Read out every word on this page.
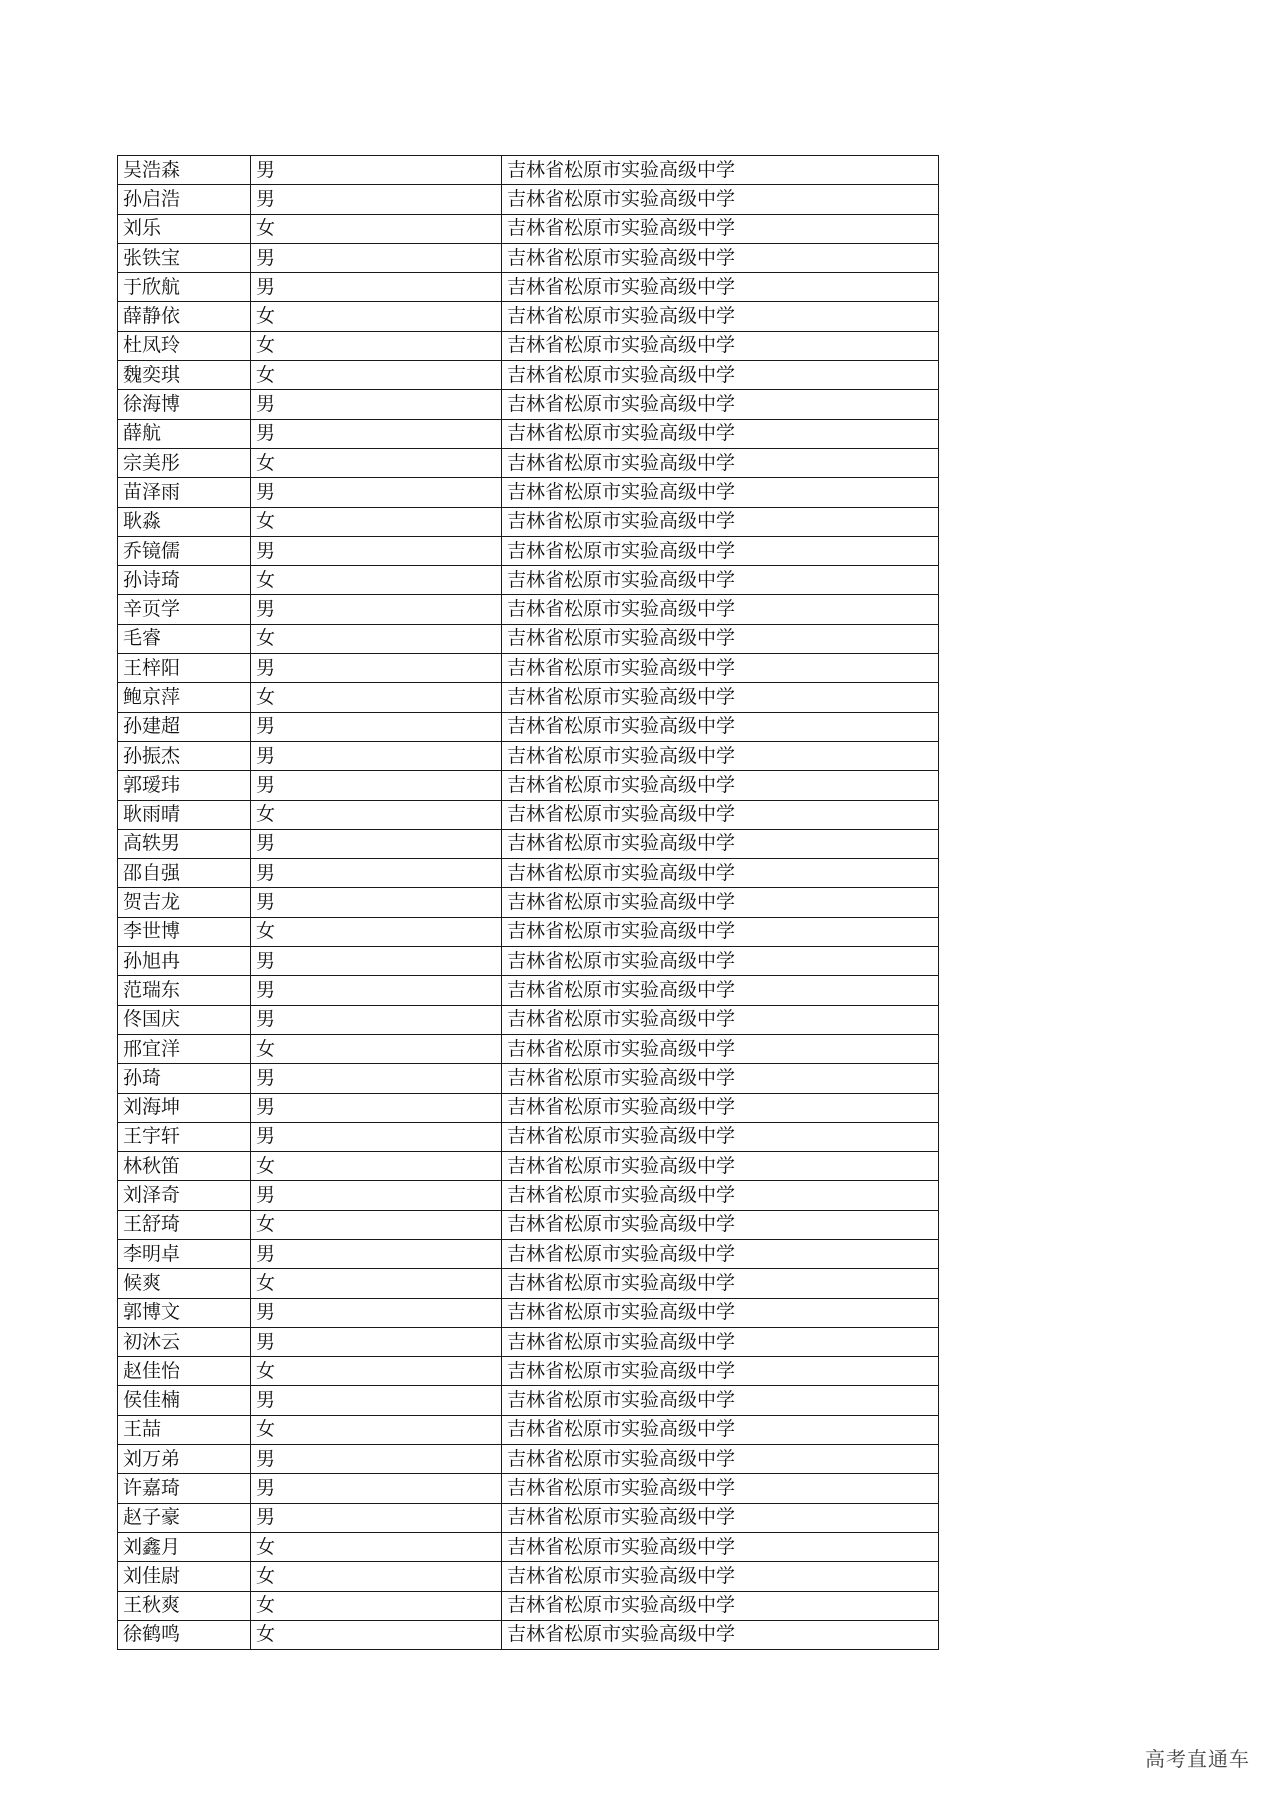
吴浩森	男	吉林省松原市实验高级中学
孙启浩	男	吉林省松原市实验高级中学
刘乐	女	吉林省松原市实验高级中学
张铁宝	男	吉林省松原市实验高级中学
于欣航	男	吉林省松原市实验高级中学
薛静依	女	吉林省松原市实验高级中学
杜凤玲	女	吉林省松原市实验高级中学
魏奕琪	女	吉林省松原市实验高级中学
徐海博	男	吉林省松原市实验高级中学
薛航	男	吉林省松原市实验高级中学
宗美彤	女	吉林省松原市实验高级中学
苗泽雨	男	吉林省松原市实验高级中学
耿淼	女	吉林省松原市实验高级中学
乔镜儒	男	吉林省松原市实验高级中学
孙诗琦	女	吉林省松原市实验高级中学
辛页学	男	吉林省松原市实验高级中学
毛睿	女	吉林省松原市实验高级中学
王梓阳	男	吉林省松原市实验高级中学
鲍京萍	女	吉林省松原市实验高级中学
孙建超	男	吉林省松原市实验高级中学
孙振杰	男	吉林省松原市实验高级中学
郭瑷玮	男	吉林省松原市实验高级中学
耿雨晴	女	吉林省松原市实验高级中学
高轶男	男	吉林省松原市实验高级中学
邵自强	男	吉林省松原市实验高级中学
贺吉龙	男	吉林省松原市实验高级中学
李世博	女	吉林省松原市实验高级中学
孙旭冉	男	吉林省松原市实验高级中学
范瑞东	男	吉林省松原市实验高级中学
佟国庆	男	吉林省松原市实验高级中学
邢宜洋	女	吉林省松原市实验高级中学
孙琦	男	吉林省松原市实验高级中学
刘海坤	男	吉林省松原市实验高级中学
王宇轩	男	吉林省松原市实验高级中学
林秋笛	女	吉林省松原市实验高级中学
刘泽奇	男	吉林省松原市实验高级中学
王舒琦	女	吉林省松原市实验高级中学
李明卓	男	吉林省松原市实验高级中学
候爽	女	吉林省松原市实验高级中学
郭博文	男	吉林省松原市实验高级中学
初沐云	男	吉林省松原市实验高级中学
赵佳怡	女	吉林省松原市实验高级中学
侯佳楠	男	吉林省松原市实验高级中学
王喆	女	吉林省松原市实验高级中学
刘万弟	男	吉林省松原市实验高级中学
许嘉琦	男	吉林省松原市实验高级中学
赵子豪	男	吉林省松原市实验高级中学
刘鑫月	女	吉林省松原市实验高级中学
刘佳尉	女	吉林省松原市实验高级中学
王秋爽	女	吉林省松原市实验高级中学
徐鹤鸣	女	吉林省松原市实验高级中学
高考直通车
